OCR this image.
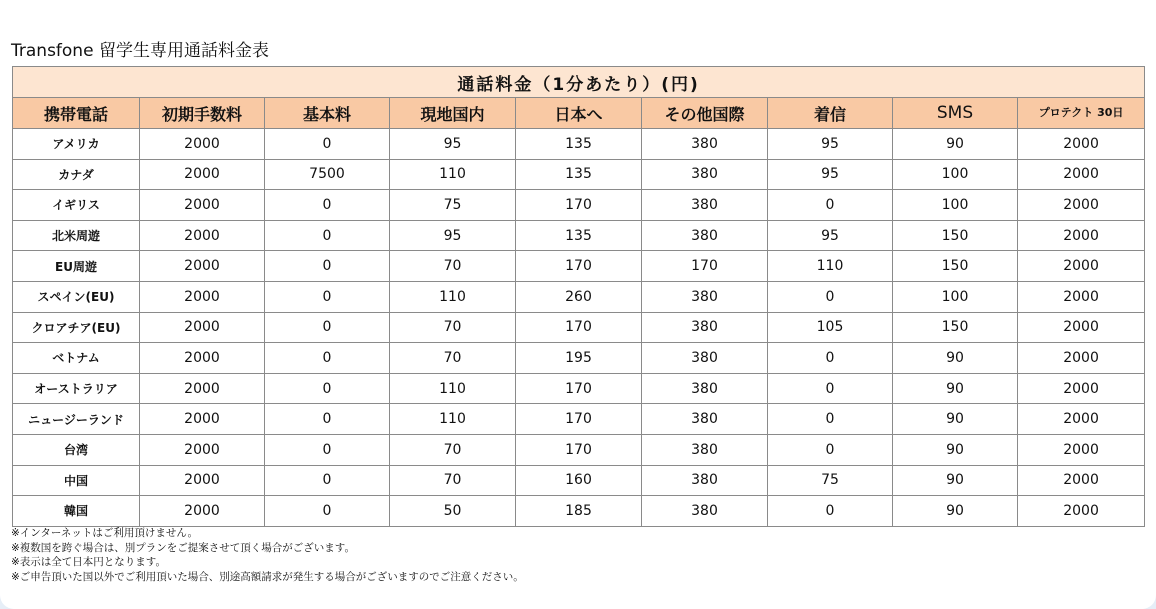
Transfone 留学生専用通話料金表
通話料金（1分あたり）(円)								
携帯電話	初期手数料	基本料	現地国内	日本へ	その他国際	着信	SMS	プロテクト 30日
アメリカ	2000	0	95	135	380	95	90	2000
カナダ	2000	7500	110	135	380	95	100	2000
イギリス	2000	0	75	170	380	0	100	2000
北米周遊	2000	0	95	135	380	95	150	2000
EU周遊	2000	0	70	170	170	110	150	2000
スペイン(EU)	2000	0	110	260	380	0	100	2000
クロアチア(EU)	2000	0	70	170	380	105	150	2000
ベトナム	2000	0	70	195	380	0	90	2000
オーストラリア	2000	0	110	170	380	0	90	2000
ニュージーランド	2000	0	110	170	380	0	90	2000
台湾	2000	0	70	170	380	0	90	2000
中国	2000	0	70	160	380	75	90	2000
韓国	2000	0	50	185	380	0	90	2000
※インターネットはご利用頂けません。
※複数国を跨ぐ場合は、別プランをご提案させて頂く場合がございます。
※表示は全て日本円となります。
※ご申告頂いた国以外でご利用頂いた場合、別途高額請求が発生する場合がございますのでご注意ください。
